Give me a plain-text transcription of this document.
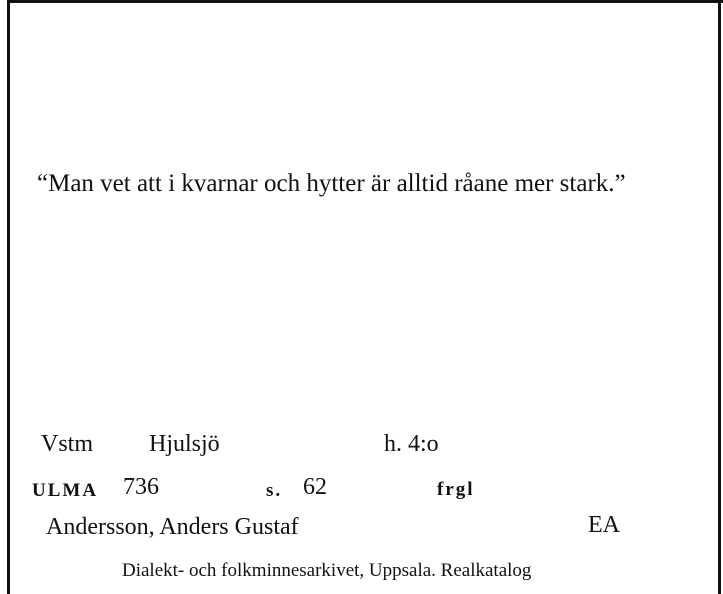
“Man vet att i kvarnar och hytter är alltid råane mer stark.”
Vstm Hjulsjö	h. 4:o
ULMA 736	s. 62	frgl
Andersson, Anders Gustaf	EA
Dialekt- och folkminnesarkivet, Uppsala. Realkatalog
